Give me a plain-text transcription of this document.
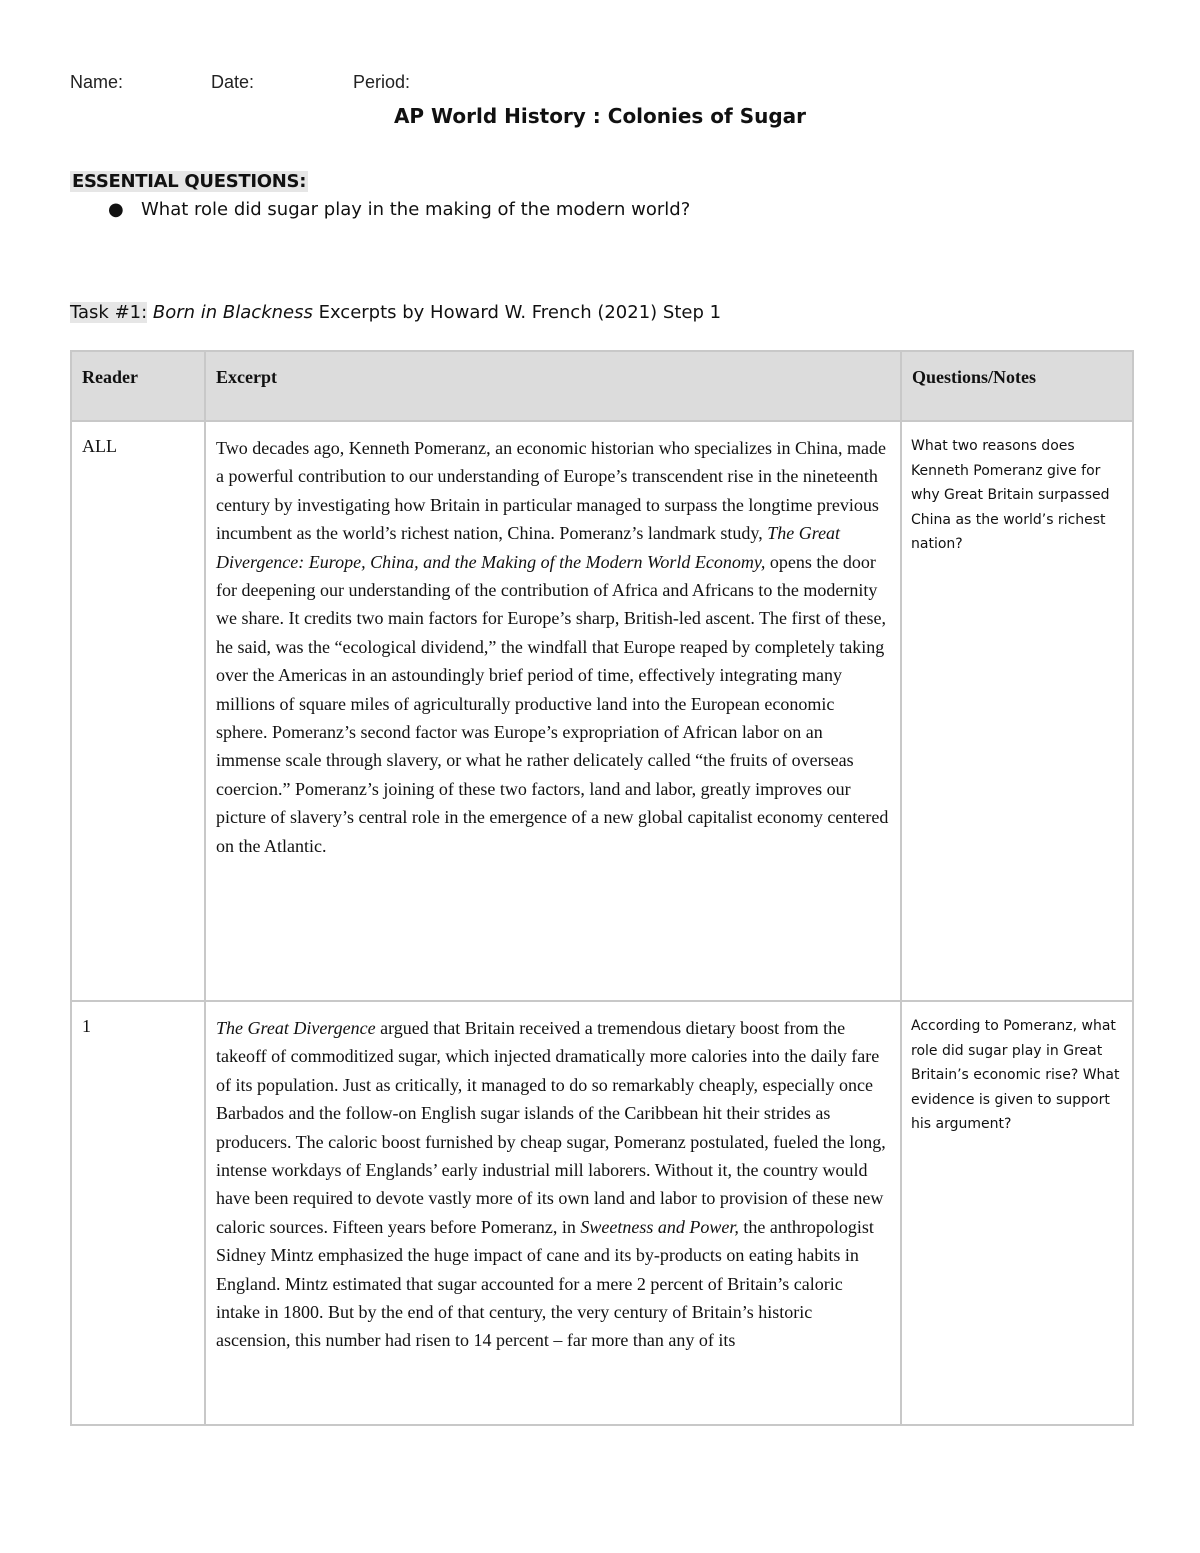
Name:	Date:	Period:
AP World History : Colonies of Sugar
ESSENTIAL QUESTIONS:
● What role did sugar play in the making of the modern world?
Task #1: Born in Blackness Excerpts by Howard W. French (2021) Step 1
Reader	Excerpt	Questions/Notes

ALL	Two decades ago, Kenneth Pomeranz, an economic historian who specializes in China, made a powerful contribution to our understanding of Europe’s transcendent rise in the nineteenth century by investigating how Britain in particular managed to surpass the longtime previous incumbent as the world’s richest nation, China. Pomeranz’s landmark study, The Great Divergence: Europe, China, and the Making of the Modern World Economy, opens the door for deepening our understanding of the contribution of Africa and Africans to the modernity we share. It credits two main factors for Europe’s sharp, British-led ascent. The first of these, he said, was the “ecological dividend,” the windfall that Europe reaped by completely taking over the Americas in an astoundingly brief period of time, effectively integrating many millions of square miles of agriculturally productive land into the European economic sphere. Pomeranz’s second factor was Europe’s expropriation of African labor on an immense scale through slavery, or what he rather delicately called “the fruits of overseas coercion.” Pomeranz’s joining of these two factors, land and labor, greatly improves our picture of slavery’s central role in the emergence of a new global capitalist economy centered on the Atlantic.	What two reasons does Kenneth Pomeranz give for why Great Britain surpassed China as the world’s richest nation?
1	The Great Divergence argued that Britain received a tremendous dietary boost from the takeoff of commoditized sugar, which injected dramatically more calories into the daily fare of its population. Just as critically, it managed to do so remarkably cheaply, especially once Barbados and the follow-on English sugar islands of the Caribbean hit their strides as producers. The caloric boost furnished by cheap sugar, Pomeranz postulated, fueled the long, intense workdays of Englands’ early industrial mill laborers. Without it, the country would have been required to devote vastly more of its own land and labor to provision of these new caloric sources. Fifteen years before Pomeranz, in Sweetness and Power, the anthropologist Sidney Mintz emphasized the huge impact of cane and its by-products on eating habits in England. Mintz estimated that sugar accounted for a mere 2 percent of Britain’s caloric intake in 1800. But by the end of that century, the very century of Britain’s historic ascension, this number had risen to 14 percent – far more than any of its	According to Pomeranz, what role did sugar play in Great Britain’s economic rise? What evidence is given to support his argument?
